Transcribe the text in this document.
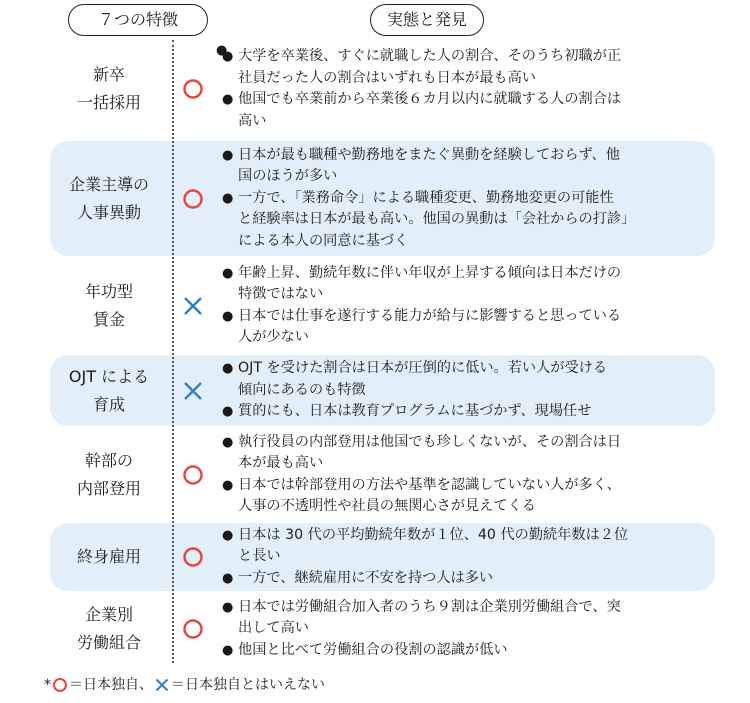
７つの特徴	実態と発見
新卒
一括採用
● 大学を卒業後、すぐに就職した人の割合、そのうち初職が正
社員だった人の割合はいずれも日本が最も高い
● 他国でも卒業前から卒業後６カ月以内に就職する人の割合は
高い
企業主導の
人事異動
● 日本が最も職種や勤務地をまたぐ異動を経験しておらず、他
国のほうが多い
● 一方で、「業務命令」による職種変更、勤務地変更の可能性
と経験率は日本が最も高い。他国の異動は「会社からの打診」
による本人の同意に基づく
年功型
賃金
● 年齢上昇、勤続年数に伴い年収が上昇する傾向は日本だけの
特徴ではない
● 日本では仕事を遂行する能力が給与に影響すると思っている
人が少ない
OJT による
育成
● OJT を受けた割合は日本が圧倒的に低い。若い人が受ける
傾向にあるのも特徴
● 質的にも、日本は教育プログラムに基づかず、現場任せ
幹部の
内部登用
● 執行役員の内部登用は他国でも珍しくないが、その割合は日
本が最も高い
● 日本では幹部登用の方法や基準を認識していない人が多く、
人事の不透明性や社員の無関心さが見えてくる
終身雇用
● 日本は 30 代の平均勤続年数が１位、40 代の勤続年数は２位
と長い
● 一方で、継続雇用に不安を持つ人は多い
企業別
労働組合
● 日本では労働組合加入者のうち９割は企業別労働組合で、突
出して高い
● 他国と比べて労働組合の役割の認識が低い
* ＝日本独自、 ＝日本独自とはいえない
